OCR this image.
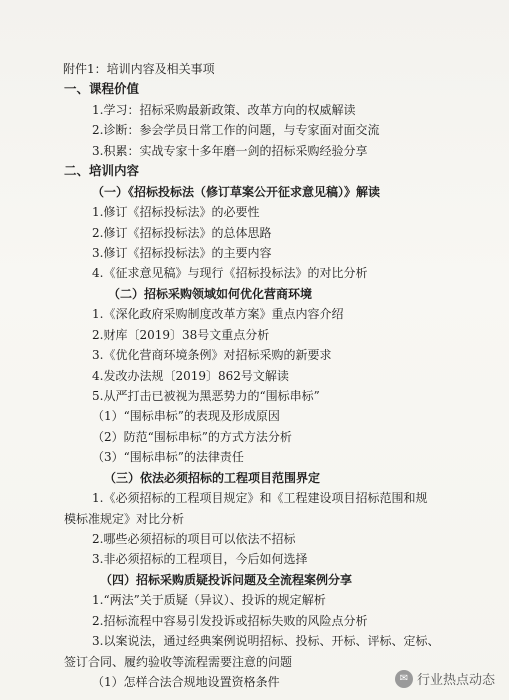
附件1：培训内容及相关事项
一、课程价值
1.学习：招标采购最新政策、改革方向的权威解读
2.诊断：参会学员日常工作的问题，与专家面对面交流
3.积累：实战专家十多年磨一剑的招标采购经验分享
二、培训内容
（一）《招标投标法（修订草案公开征求意见稿）》解读
1.修订《招标投标法》的必要性
2.修订《招标投标法》的总体思路
3.修订《招标投标法》的主要内容
4.《征求意见稿》与现行《招标投标法》的对比分析
（二）招标采购领域如何优化营商环境
1.《深化政府采购制度改革方案》重点内容介绍
2.财库〔2019〕38号文重点分析
3.《优化营商环境条例》对招标采购的新要求
4.发改办法规〔2019〕862号文解读
5.从严打击已被视为黑恶势力的“围标串标”
（1）“围标串标”的表现及形成原因
（2）防范“围标串标”的方式方法分析
（3）“围标串标”的法律责任
（三）依法必须招标的工程项目范围界定
1.《必须招标的工程项目规定》和《工程建设项目招标范围和规
模标准规定》对比分析
2.哪些必须招标的项目可以依法不招标
3.非必须招标的工程项目，今后如何选择
（四）招标采购质疑投诉问题及全流程案例分享
1.“两法”关于质疑（异议）、投诉的规定解析
2.招标流程中容易引发投诉或招标失败的风险点分析
3.以案说法，通过经典案例说明招标、投标、开标、评标、定标、
签订合同、履约验收等流程需要注意的问题
（1）怎样合法合规地设置资格条件	✉ 行业热点动态
